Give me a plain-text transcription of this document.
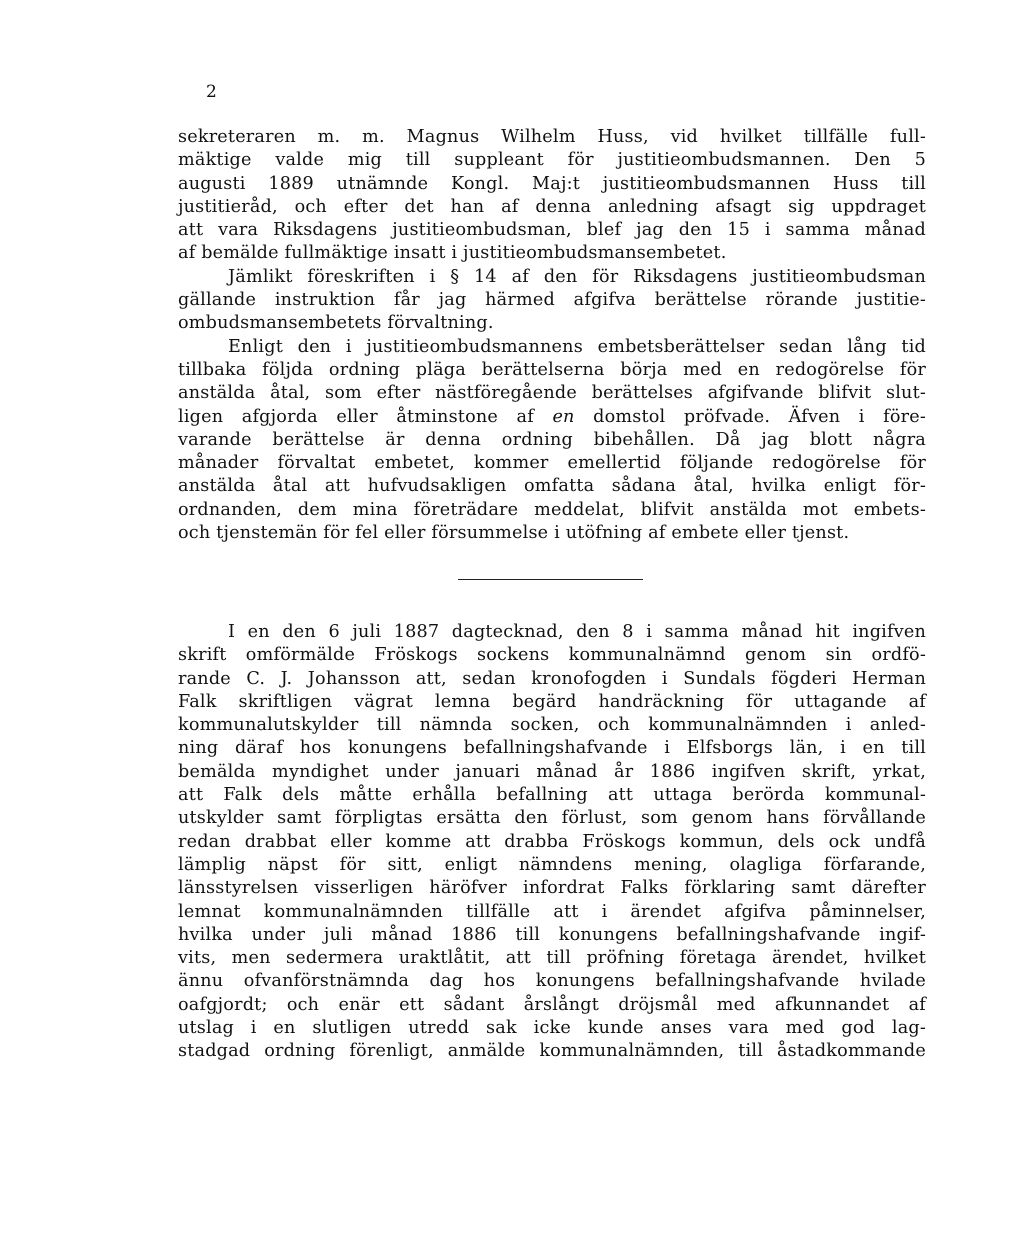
2
sekreteraren m. m. Magnus Wilhelm Huss, vid hvilket tillfälle full-
mäktige valde mig till suppleant för justitieombudsmannen. Den 5
augusti 1889 utnämnde Kongl. Maj:t justitieombudsmannen Huss till
justitieråd, och efter det han af denna anledning afsagt sig uppdraget
att vara Riksdagens justitieombudsman, blef jag den 15 i samma månad
af bemälde fullmäktige insatt i justitieombudsmansembetet.
Jämlikt föreskriften i § 14 af den för Riksdagens justitieombudsman
gällande instruktion får jag härmed afgifva berättelse rörande justitie-
ombudsmansembetets förvaltning.
Enligt den i justitieombudsmannens embetsberättelser sedan lång tid
tillbaka följda ordning pläga berättelserna börja med en redogörelse för
anstälda åtal, som efter nästföregående berättelses afgifvande blifvit slut-
ligen afgjorda eller åtminstone af en domstol pröfvade. Äfven i före-
varande berättelse är denna ordning bibehållen. Då jag blott några
månader förvaltat embetet, kommer emellertid följande redogörelse för
anstälda åtal att hufvudsakligen omfatta sådana åtal, hvilka enligt för-
ordnanden, dem mina företrädare meddelat, blifvit anstälda mot embets-
och tjenstemän för fel eller försummelse i utöfning af embete eller tjenst.
I en den 6 juli 1887 dagtecknad, den 8 i samma månad hit ingifven
skrift omförmälde Fröskogs sockens kommunalnämnd genom sin ordfö-
rande C. J. Johansson att, sedan kronofogden i Sundals fögderi Herman
Falk skriftligen vägrat lemna begärd handräckning för uttagande af
kommunalutskylder till nämnda socken, och kommunalnämnden i anled-
ning däraf hos konungens befallningshafvande i Elfsborgs län, i en till
bemälda myndighet under januari månad år 1886 ingifven skrift, yrkat,
att Falk dels måtte erhålla befallning att uttaga berörda kommunal-
utskylder samt förpligtas ersätta den förlust, som genom hans förvållande
redan drabbat eller komme att drabba Fröskogs kommun, dels ock undfå
lämplig näpst för sitt, enligt nämndens mening, olagliga förfarande,
länsstyrelsen visserligen häröfver infordrat Falks förklaring samt därefter
lemnat kommunalnämnden tillfälle att i ärendet afgifva påminnelser,
hvilka under juli månad 1886 till konungens befallningshafvande ingif-
vits, men sedermera uraktlåtit, att till pröfning företaga ärendet, hvilket
ännu ofvanförstnämnda dag hos konungens befallningshafvande hvilade
oafgjordt; och enär ett sådant årslångt dröjsmål med afkunnandet af
utslag i en slutligen utredd sak icke kunde anses vara med god lag-
stadgad ordning förenligt, anmälde kommunalnämnden, till åstadkommande
